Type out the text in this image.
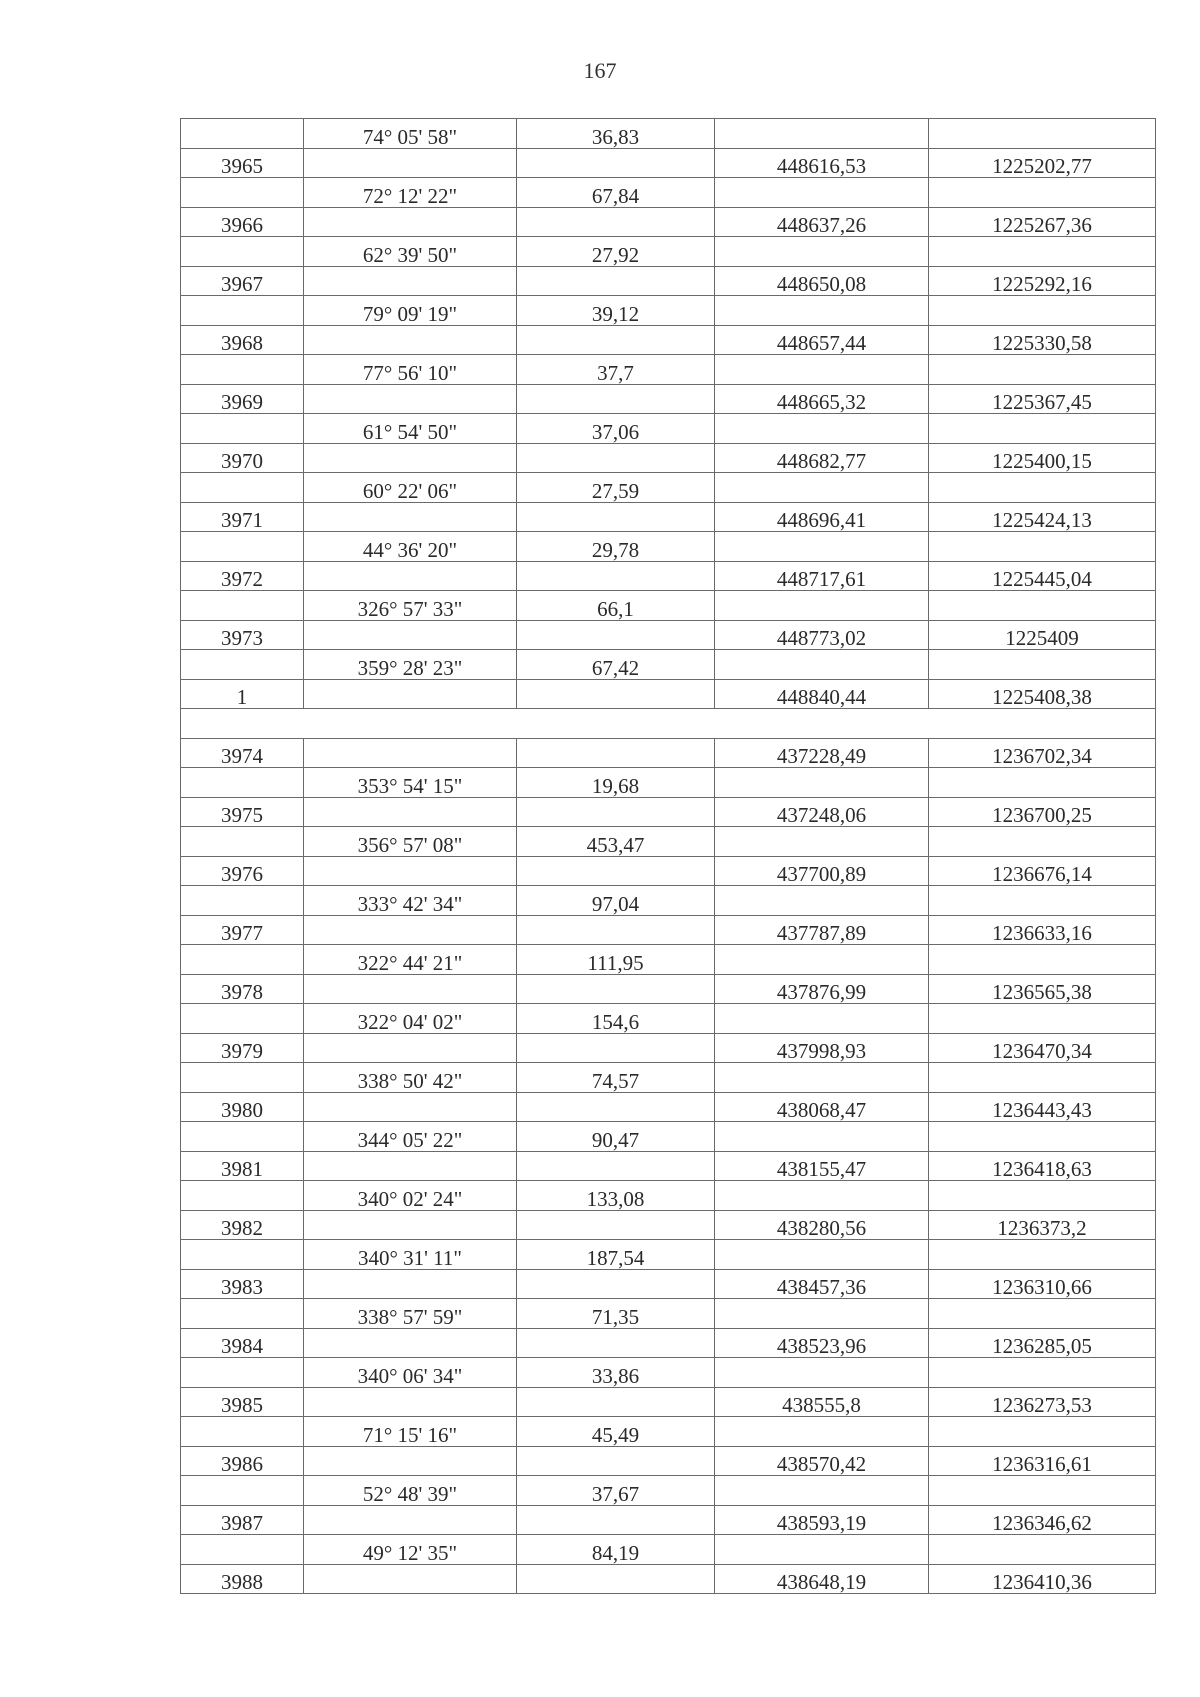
167
	74° 05' 58"	36,83		
3965			448616,53	1225202,77
	72° 12' 22"	67,84		
3966			448637,26	1225267,36
	62° 39' 50"	27,92		
3967			448650,08	1225292,16
	79° 09' 19"	39,12		
3968			448657,44	1225330,58
	77° 56' 10"	37,7		
3969			448665,32	1225367,45
	61° 54' 50"	37,06		
3970			448682,77	1225400,15
	60° 22' 06"	27,59		
3971			448696,41	1225424,13
	44° 36' 20"	29,78		
3972			448717,61	1225445,04
	326° 57' 33"	66,1		
3973			448773,02	1225409
	359° 28' 23"	67,42		
1			448840,44	1225408,38

3974			437228,49	1236702,34
	353° 54' 15"	19,68		
3975			437248,06	1236700,25
	356° 57' 08"	453,47		
3976			437700,89	1236676,14
	333° 42' 34"	97,04		
3977			437787,89	1236633,16
	322° 44' 21"	111,95		
3978			437876,99	1236565,38
	322° 04' 02"	154,6		
3979			437998,93	1236470,34
	338° 50' 42"	74,57		
3980			438068,47	1236443,43
	344° 05' 22"	90,47		
3981			438155,47	1236418,63
	340° 02' 24"	133,08		
3982			438280,56	1236373,2
	340° 31' 11"	187,54		
3983			438457,36	1236310,66
	338° 57' 59"	71,35		
3984			438523,96	1236285,05
	340° 06' 34"	33,86		
3985			438555,8	1236273,53
	71° 15' 16"	45,49		
3986			438570,42	1236316,61
	52° 48' 39"	37,67		
3987			438593,19	1236346,62
	49° 12' 35"	84,19		
3988			438648,19	1236410,36
